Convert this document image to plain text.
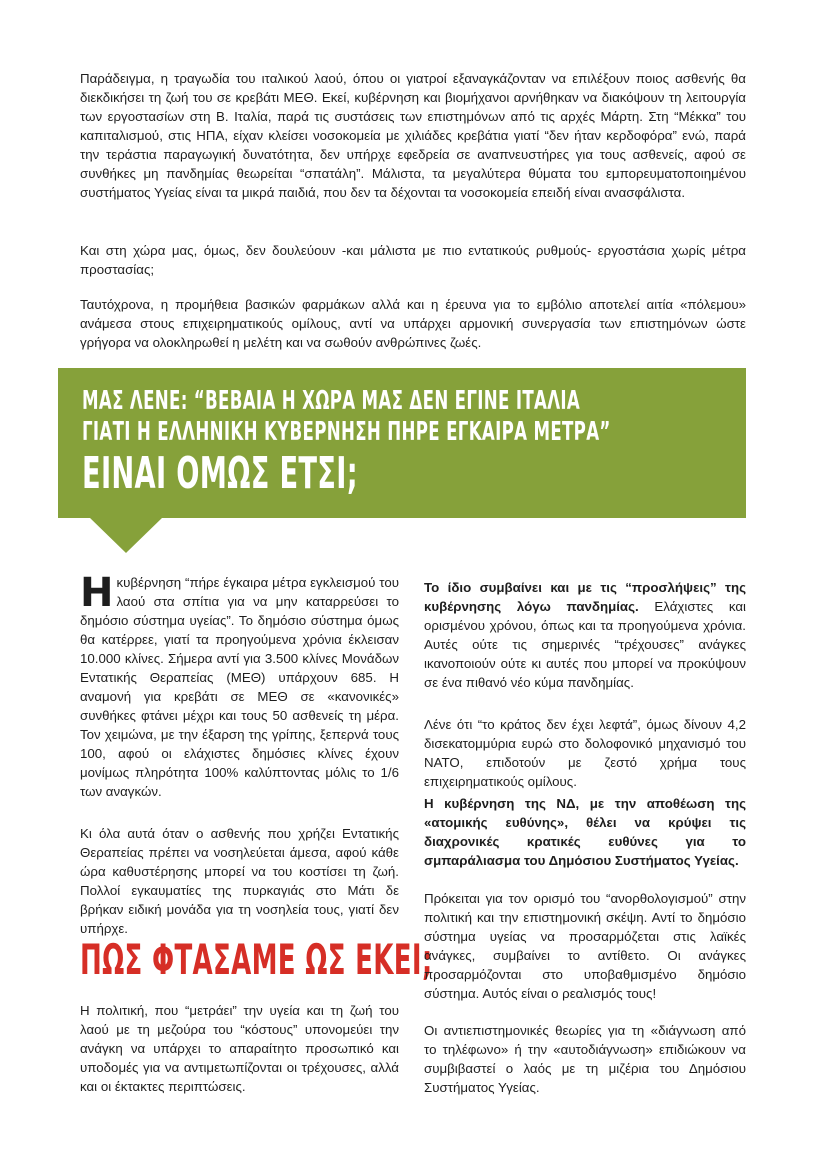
Παράδειγμα, η τραγωδία του ιταλικού λαού, όπου οι γιατροί εξαναγκάζονταν να επιλέξουν ποιος ασθενής θα διεκδικήσει τη ζωή του σε κρεβάτι ΜΕΘ. Εκεί, κυβέρνηση και βιομήχανοι αρνήθηκαν να διακόψουν τη λειτουργία των εργοστασίων στη Β. Ιταλία, παρά τις συστάσεις των επιστημόνων από τις αρχές Μάρτη. Στη “Μέκκα” του καπιταλισμού, στις ΗΠΑ, είχαν κλείσει νοσοκομεία με χιλιάδες κρεβάτια γιατί “δεν ήταν κερδοφόρα” ενώ, παρά την τεράστια παραγωγική δυνατότητα, δεν υπήρχε εφεδρεία σε αναπνευστήρες για τους ασθενείς, αφού σε συνθήκες μη πανδημίας θεωρείται “σπατάλη”. Μάλιστα, τα μεγαλύτερα θύματα του εμπορευματοποιημένου συστήματος Υγείας είναι τα μικρά παιδιά, που δεν τα δέχονται τα νοσοκομεία επειδή είναι ανασφάλιστα.

Και στη χώρα μας, όμως, δεν δουλεύουν -και μάλιστα με πιο εντατικούς ρυθμούς- εργοστάσια χωρίς μέτρα προστασίας;

Ταυτόχρονα, η προμήθεια βασικών φαρμάκων αλλά και η έρευνα για το εμβόλιο αποτελεί αιτία «πόλεμου» ανάμεσα στους επιχειρηματικούς ομίλους, αντί να υπάρχει αρμονική συνεργασία των επιστημόνων ώστε γρήγορα να ολοκληρωθεί η μελέτη και να σωθούν ανθρώπινες ζωές.

ΜΑΣ ΛΕΝΕ: “ΒΕΒΑΙΑ Η ΧΩΡΑ ΜΑΣ ΔΕΝ ΕΓΙΝΕ ΙΤΑΛΙΑ

ΓΙΑΤΙ Η ΕΛΛΗΝΙΚΗ ΚΥΒΕΡΝΗΣΗ ΠΗΡΕ ΕΓΚΑΙΡΑ ΜΕΤΡΑ”

ΕΙΝΑΙ ΟΜΩΣ ΕΤΣΙ;

Η κυβέρνηση “πήρε έγκαιρα μέτρα εγκλεισμού του λαού στα σπίτια για να μην καταρρεύσει το δημόσιο σύστημα υγείας”. Το δημόσιο σύστημα όμως θα κατέρρεε, γιατί τα προηγούμενα χρόνια έκλεισαν 10.000 κλίνες. Σήμερα αντί για 3.500 κλίνες Μονάδων Εντατικής Θεραπείας (ΜΕΘ) υπάρχουν 685. Η αναμονή για κρεβάτι σε ΜΕΘ σε «κανονικές» συνθήκες φτάνει μέχρι και τους 50 ασθενείς τη μέρα. Τον χειμώνα, με την έξαρση της γρίπης, ξεπερνά τους 100, αφού οι ελάχιστες δημόσιες κλίνες έχουν μονίμως πληρότητα 100% καλύπτοντας μόλις το 1/6 των αναγκών.

Κι όλα αυτά όταν ο ασθενής που χρήζει Εντατικής Θεραπείας πρέπει να νοσηλεύεται άμεσα, αφού κάθε ώρα καθυστέρησης μπορεί να του κοστίσει τη ζωή. Πολλοί εγκαυματίες της πυρκαγιάς στο Μάτι δε βρήκαν ειδική μονάδα για τη νοσηλεία τους, γιατί δεν υπήρχε.

ΠΩΣ ΦΤΑΣΑΜΕ ΩΣ ΕΚΕΙ;

Η πολιτική, που “μετράει” την υγεία και τη ζωή του λαού με τη μεζούρα του “κόστους” υπονομεύει την ανάγκη να υπάρχει το απαραίτητο προσωπικό και υποδομές για να αντιμετωπίζονται οι τρέχουσες, αλλά και οι έκτακτες περιπτώσεις.

Το ίδιο συμβαίνει και με τις “προσλήψεις” της κυβέρνησης λόγω πανδημίας. Ελάχιστες και ορισμένου χρόνου, όπως και τα προηγούμενα χρόνια. Αυτές ούτε τις σημερινές “τρέχουσες” ανάγκες ικανοποιούν ούτε κι αυτές που μπορεί να προκύψουν σε ένα πιθανό νέο κύμα πανδημίας.

Λένε ότι “το κράτος δεν έχει λεφτά”, όμως δίνουν 4,2 δισεκατομμύρια ευρώ στο δολοφονικό μηχανισμό του ΝΑΤΟ, επιδοτούν με ζεστό χρήμα τους επιχειρηματικούς ομίλους.

Η κυβέρνηση της ΝΔ, με την αποθέωση της «ατομικής ευθύνης», θέλει να κρύψει τις διαχρονικές κρατικές ευθύνες για το σμπαράλιασμα του Δημόσιου Συστήματος Υγείας.

Πρόκειται για τον ορισμό του “ανορθολογισμού” στην πολιτική και την επιστημονική σκέψη. Αντί το δημόσιο σύστημα υγείας να προσαρμόζεται στις λαϊκές ανάγκες, συμβαίνει το αντίθετο. Οι ανάγκες προσαρμόζονται στο υποβαθμισμένο δημόσιο σύστημα. Αυτός είναι ο ρεαλισμός τους!

Οι αντιεπιστημονικές θεωρίες για τη «διάγνωση από το τηλέφωνο» ή την «αυτοδιάγνωση» επιδιώκουν να συμβιβαστεί ο λαός με τη μιζέρια του Δημόσιου Συστήματος Υγείας.
